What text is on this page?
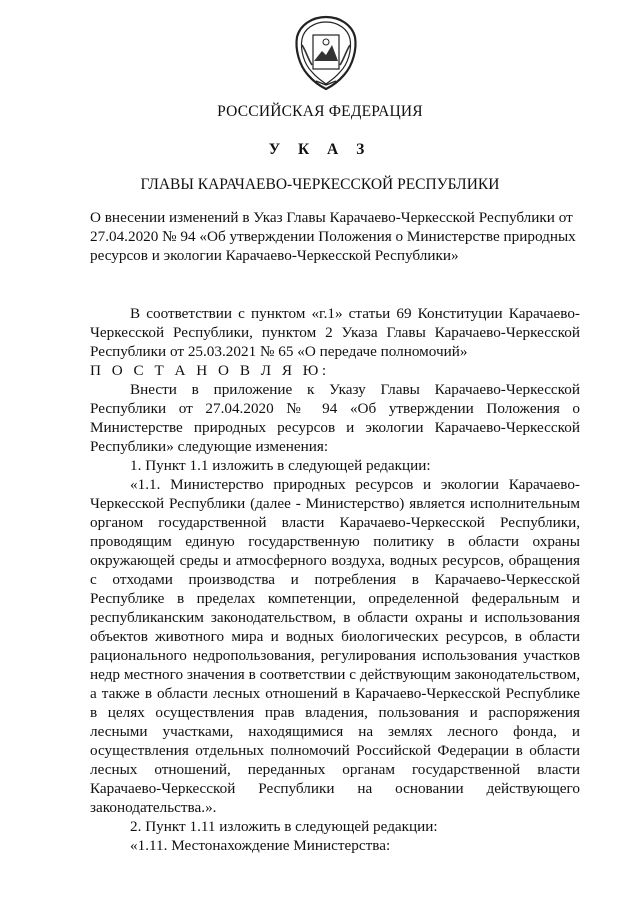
РОССИЙСКАЯ ФЕДЕРАЦИЯ
У К А З
ГЛАВЫ КАРАЧАЕВО-ЧЕРКЕССКОЙ РЕСПУБЛИКИ
О внесении изменений в Указ Главы Карачаево-Черкесской Республики от 27.04.2020 № 94 «Об утверждении Положения о Министерстве природных ресурсов и экологии Карачаево-Черкесской Республики»

В соответствии с пунктом «г.1» статьи 69 Конституции Карачаево-Черкесской Республики, пунктом 2 Указа Главы Карачаево-Черкесской Республики от 25.03.2021 № 65 «О передаче полномочий»

П О С Т А Н О В Л Я Ю:

Внести в приложение к Указу Главы Карачаево-Черкесской Республики от 27.04.2020 № 94 «Об утверждении Положения о Министерстве природных ресурсов и экологии Карачаево-Черкесской Республики» следующие изменения:

1. Пункт 1.1 изложить в следующей редакции:

«1.1. Министерство природных ресурсов и экологии Карачаево-Черкесской Республики (далее - Министерство) является исполнительным органом государственной власти Карачаево-Черкесской Республики, проводящим единую государственную политику в области охраны окружающей среды и атмосферного воздуха, водных ресурсов, обращения с отходами производства и потребления в Карачаево-Черкесской Республике в пределах компетенции, определенной федеральным и республиканским законодательством, в области охраны и использования объектов животного мира и водных биологических ресурсов, в области рационального недропользования, регулирования использования участков недр местного значения в соответствии с действующим законодательством, а также в области лесных отношений в Карачаево-Черкесской Республике в целях осуществления прав владения, пользования и распоряжения лесными участками, находящимися на землях лесного фонда, и осуществления отдельных полномочий Российской Федерации в области лесных отношений, переданных органам государственной власти Карачаево-Черкесской Республики на основании действующего законодательства.».

2. Пункт 1.11 изложить в следующей редакции:

«1.11. Местонахождение Министерства:
